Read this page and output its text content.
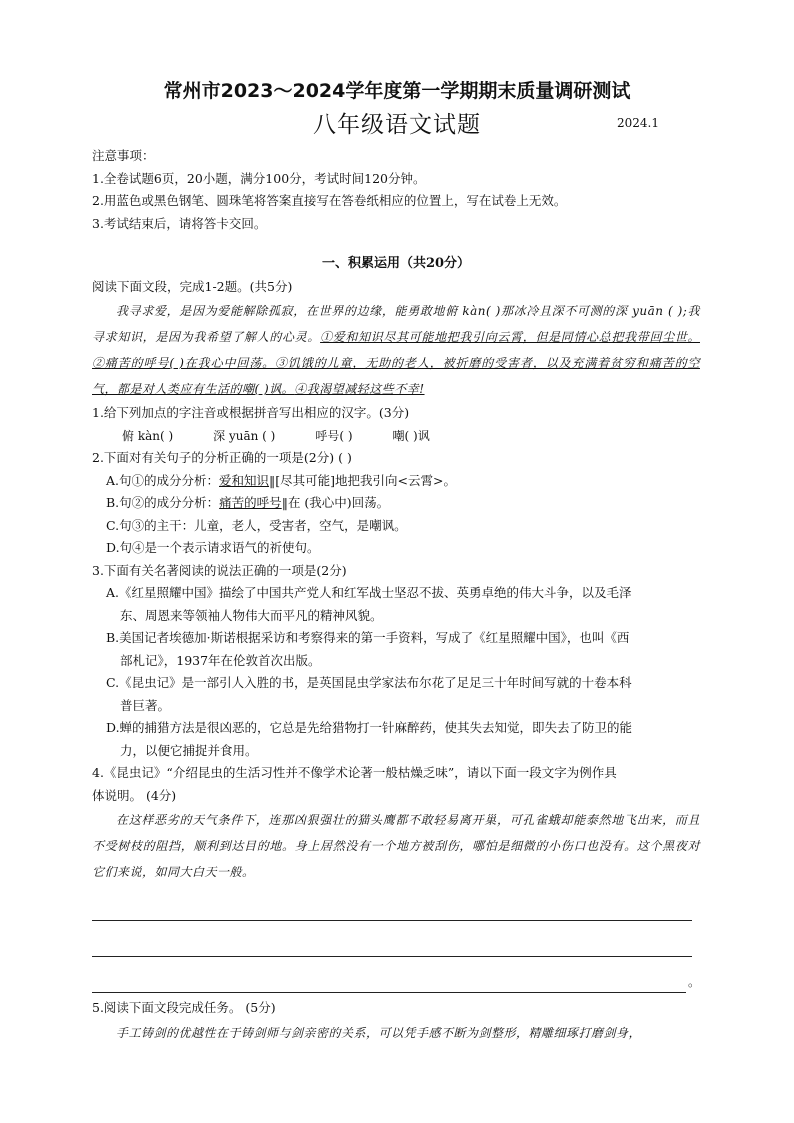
常州市2023～2024学年度第一学期期末质量调研测试
八年级语文试题	2024.1
注意事项：
1.全卷试题6页，20小题，满分100分，考试时间120分钟。
2.用蓝色或黑色钢笔、圆珠笔将答案直接写在答卷纸相应的位置上，写在试卷上无效。
3.考试结束后，请将答卡交回。
一、积累运用（共20分）
阅读下面文段，完成1-2题。(共5分)
我寻求爱，是因为爱能解除孤寂，在世界的边缘，能勇敢地俯 kàn( )那冰冷且深不可测的深 yuān ( );我寻求知识，是因为我希望了解人的心灵。①爱和知识尽其可能地把我引向云霄，但是同情心总把我带回尘世。②痛苦的呼号( )在我心中回荡。③饥饿的儿童，无助的老人，被折磨的受害者，以及充满着贫穷和痛苦的空气，都是对人类应有生活的嘲( )讽。④我渴望减轻这些不幸!
1.给下列加点的字注音或根据拼音写出相应的汉字。(3分)
俯 kàn( )	深 yuān ( )	呼号( )	嘲( )讽
2.下面对有关句子的分析正确的一项是(2分) ( )
A.句①的成分分析：爱和知识‖[尽其可能]地把我引向<云霄>。
B.句②的成分分析：痛苦的呼号‖在 (我心中)回荡。
C.句③的主干：儿童，老人，受害者，空气，是嘲讽。
D.句④是一个表示请求语气的祈使句。
3.下面有关名著阅读的说法正确的一项是(2分)
A.《红星照耀中国》描绘了中国共产党人和红军战士坚忍不拔、英勇卓绝的伟大斗争，以及毛泽
东、周恩来等领袖人物伟大而平凡的精神风貌。
B.美国记者埃德加·斯诺根据采访和考察得来的第一手资料，写成了《红星照耀中国》，也叫《西
部札记》，1937年在伦敦首次出版。
C.《昆虫记》是一部引人入胜的书，是英国昆虫学家法布尔花了足足三十年时间写就的十卷本科
普巨著。
D.蝉的捕猎方法是很凶恶的，它总是先给猎物打一针麻醉药，使其失去知觉，即失去了防卫的能
力，以便它捕捉并食用。
4.《昆虫记》“介绍昆虫的生活习性并不像学术论著一般枯燥乏味”，请以下面一段文字为例作具
体说明。 (4分)
在这样恶劣的天气条件下，连那凶狠强壮的猫头鹰都不敢轻易离开巢，可孔雀蛾却能泰然地飞出来，而且不受树枝的阻挡，顺利到达目的地。身上居然没有一个地方被刮伤，哪怕是细微的小伤口也没有。这个黑夜对它们来说，如同大白天一般。
。
5.阅读下面文段完成任务。 (5分)
手工铸剑的优越性在于铸剑师与剑亲密的关系，可以凭手感不断为剑整形，精雕细琢打磨剑身，
